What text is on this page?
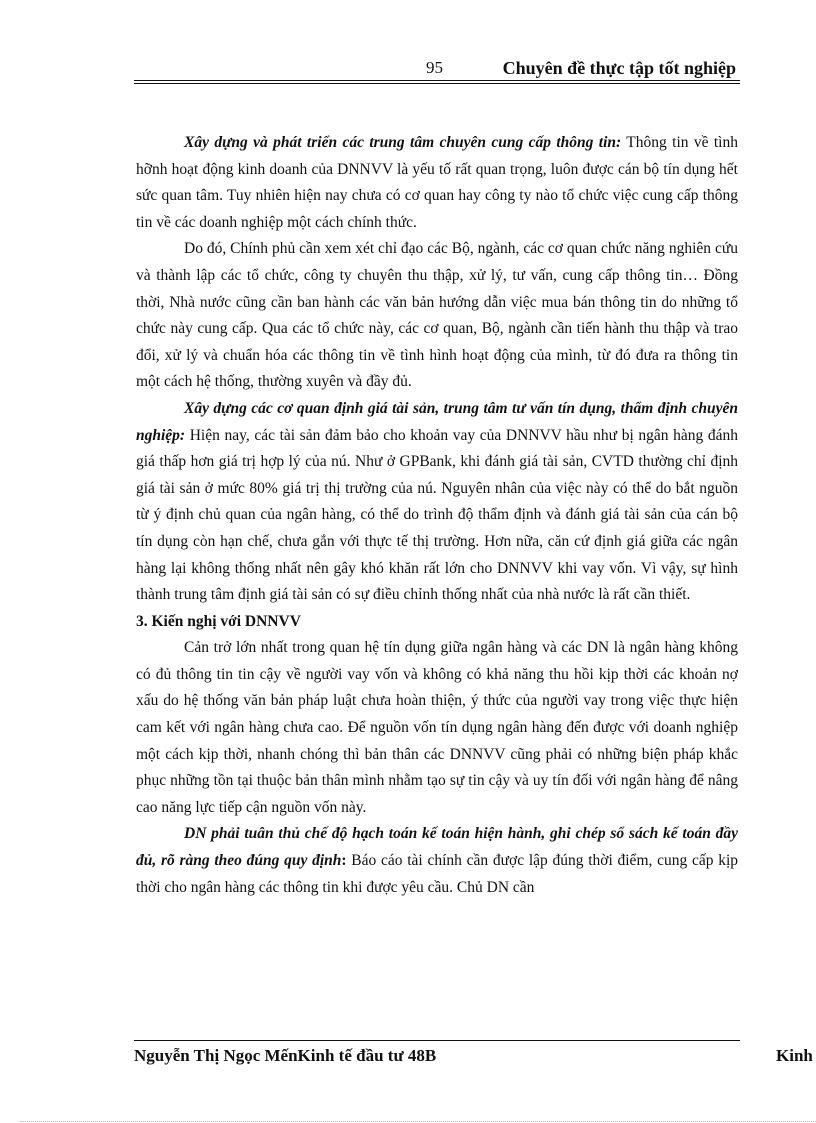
95	Chuyên đề thực tập tốt nghiệp

Xây dựng và phát triển các trung tâm chuyên cung cấp thông tin: Thông tin về tình hỡnh hoạt động kinh doanh của DNNVV là yếu tố rất quan trọng, luôn được cán bộ tín dụng hết sức quan tâm. Tuy nhiên hiện nay chưa có cơ quan hay công ty nào tổ chức việc cung cấp thông tin về các doanh nghiệp một cách chính thức.

Do đó, Chính phủ cần xem xét chỉ đạo các Bộ, ngành, các cơ quan chức năng nghiên cứu và thành lập các tổ chức, công ty chuyên thu thập, xử lý, tư vấn, cung cấp thông tin… Đồng thời, Nhà nước cũng cần ban hành các văn bản hướng dẫn việc mua bán thông tin do những tổ chức này cung cấp. Qua các tổ chức này, các cơ quan, Bộ, ngành cần tiến hành thu thập và trao đổi, xử lý và chuẩn hóa các thông tin về tình hình hoạt động của mình, từ đó đưa ra thông tin một cách hệ thống, thường xuyên và đầy đủ.

Xây dựng các cơ quan định giá tài sản, trung tâm tư vấn tín dụng, thẩm định chuyên nghiệp: Hiện nay, các tài sản đảm bảo cho khoản vay của DNNVV hầu như bị ngân hàng đánh giá thấp hơn giá trị hợp lý của nú. Như ở GPBank, khi đánh giá tài sản, CVTD thường chỉ định giá tài sản ở mức 80% giá trị thị trường của nú. Nguyên nhân của việc này có thể do bắt nguồn từ ý định chủ quan của ngân hàng, có thể do trình độ thẩm định và đánh giá tài sản của cán bộ tín dụng còn hạn chế, chưa gắn với thực tế thị trường. Hơn nữa, căn cứ định giá giữa các ngân hàng lại không thống nhất nên gây khó khăn rất lớn cho DNNVV khi vay vốn. Vì vậy, sự hình thành trung tâm định giá tài sản có sự điều chỉnh thống nhất của nhà nước là rất cần thiết.

3. Kiến nghị với DNNVV

Cản trở lớn nhất trong quan hệ tín dụng giữa ngân hàng và các DN là ngân hàng không có đủ thông tin tin cậy về người vay vốn và không có khả năng thu hồi kịp thời các khoản nợ xấu do hệ thống văn bản pháp luật chưa hoàn thiện, ý thức của người vay trong việc thực hiện cam kết với ngân hàng chưa cao. Để nguồn vốn tín dụng ngân hàng đến được với doanh nghiệp một cách kịp thời, nhanh chóng thì bản thân các DNNVV cũng phải có những biện pháp khắc phục những tồn tại thuộc bản thân mình nhằm tạo sự tin cậy và uy tín đối với ngân hàng để nâng cao năng lực tiếp cận nguồn vốn này.

DN phải tuân thủ chế độ hạch toán kế toán hiện hành, ghi chép sổ sách kế toán đầy đủ, rõ ràng theo đúng quy định: Báo cáo tài chính cần được lập đúng thời điểm, cung cấp kịp thời cho ngân hàng các thông tin khi được yêu cầu. Chủ DN cần

Nguyễn Thị Ngọc MếnKinh tế đầu tư 48B	Kinh
